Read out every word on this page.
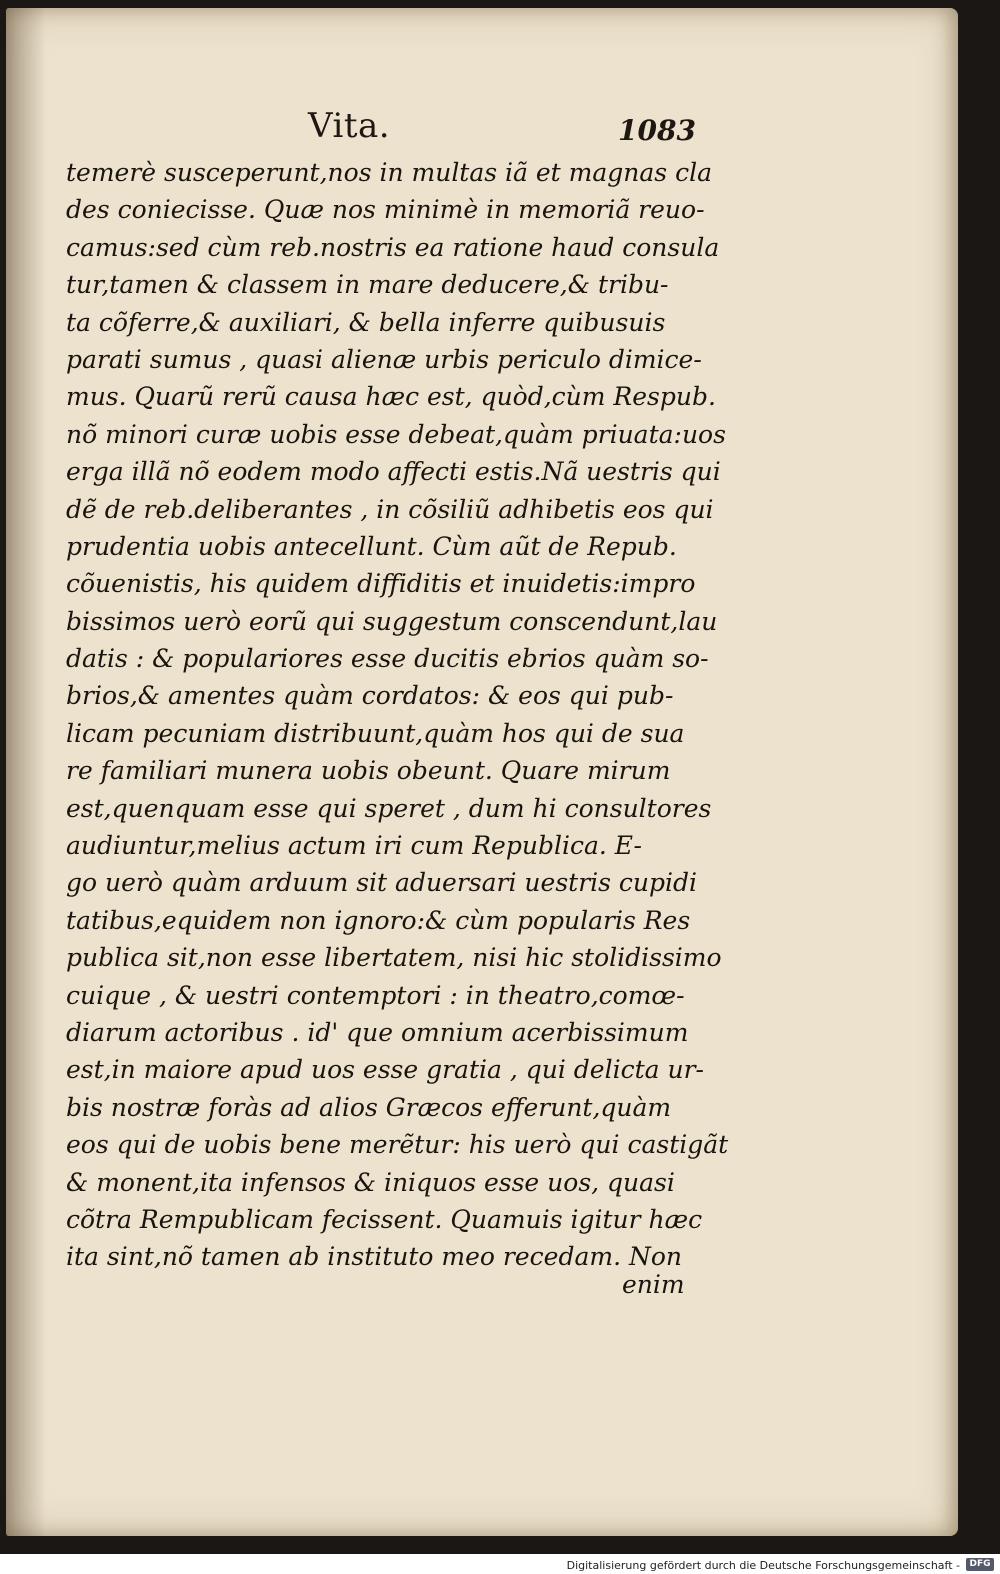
Vita.	1083
temerè susceperunt,nos in multas iã et magnas cla
des coniecisse. Quæ nos minimè in memoriã reuo-
camus:sed cùm reb.nostris ea ratione haud consula
tur,tamen & classem in mare deducere,& tribu-
ta cõferre,& auxiliari, & bella inferre quibusuis
parati sumus , quasi alienæ urbis periculo dimice-
mus. Quarũ rerũ causa hæc est, quòd,cùm Respub.
nõ minori curæ uobis esse debeat,quàm priuata:uos
erga illã nõ eodem modo affecti estis.Nã uestris qui
dẽ de reb.deliberantes , in cõsiliũ adhibetis eos qui
prudentia uobis antecellunt. Cùm aũt de Repub.
cõuenistis, his quidem diffiditis et inuidetis:impro
bissimos uerò eorũ qui suggestum conscendunt,lau
datis : & populariores esse ducitis ebrios quàm so-
brios,& amentes quàm cordatos: & eos qui pub-
licam pecuniam distribuunt,quàm hos qui de sua
re familiari munera uobis obeunt. Quare mirum
est,quenquam esse qui speret , dum hi consultores
audiuntur,melius actum iri cum Republica. E-
go uerò quàm arduum sit aduersari uestris cupidi
tatibus,equidem non ignoro:& cùm popularis Res
publica sit,non esse libertatem, nisi hic stolidissimo
cuique , & uestri contemptori : in theatro,comœ-
diarum actoribus . id' que omnium acerbissimum
est,in maiore apud uos esse gratia , qui delicta ur-
bis nostræ foràs ad alios Græcos efferunt,quàm
eos qui de uobis bene merẽtur: his uerò qui castigãt
& monent,ita infensos & iniquos esse uos, quasi
cõtra Rempublicam fecissent. Quamuis igitur hæc
ita sint,nõ tamen ab instituto meo recedam. Non
enim
Digitalisierung gefördert durch die Deutsche Forschungsgemeinschaft -	DFG
